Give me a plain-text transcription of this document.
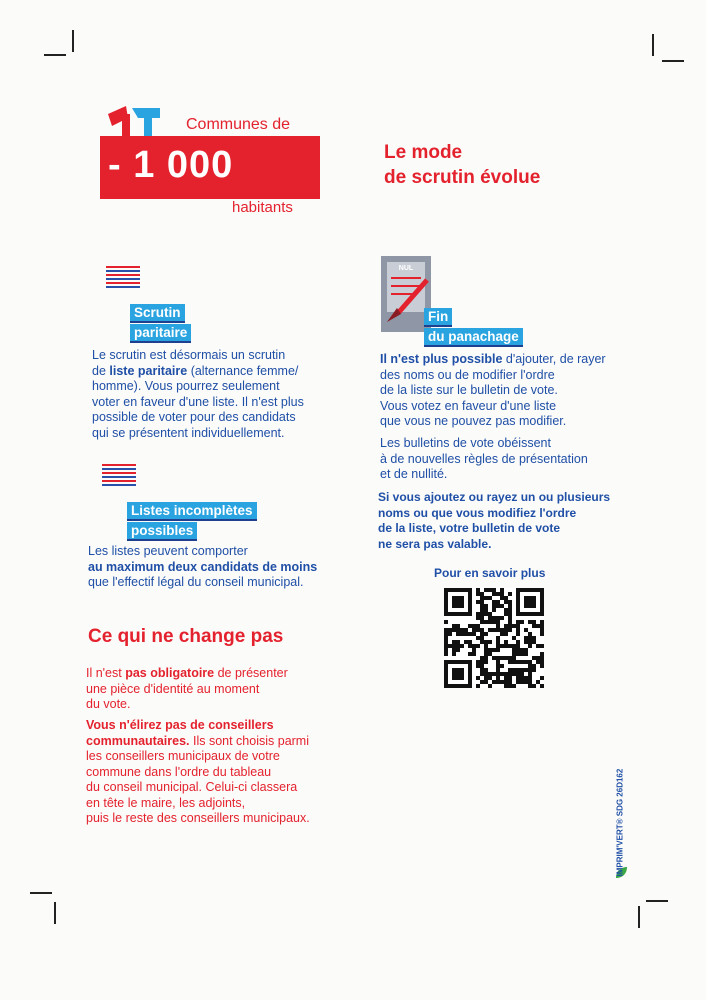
Communes de
- 1 000
habitants
Le mode
de scrutin évolue
Scrutin
paritaire
Le scrutin est désormais un scrutin
de liste paritaire (alternance femme/
homme). Vous pourrez seulement
voter en faveur d'une liste. Il n'est plus
possible de voter pour des candidats
qui se présentent individuellement.
Listes incomplètes
possibles
Les listes peuvent comporter
au maximum deux candidats de moins
que l'effectif légal du conseil municipal.
Ce qui ne change pas
Il n'est pas obligatoire de présenter
une pièce d'identité au moment
du vote.
Vous n'élirez pas de conseillers
communautaires. Ils sont choisis parmi
les conseillers municipaux de votre
commune dans l'ordre du tableau
du conseil municipal. Celui-ci classera
en tête le maire, les adjoints,
puis le reste des conseillers municipaux.
NUL
Fin
du panachage
Il n'est plus possible d'ajouter, de rayer
des noms ou de modifier l'ordre
de la liste sur le bulletin de vote.
Vous votez en faveur d'une liste
que vous ne pouvez pas modifier.
Les bulletins de vote obéissent
à de nouvelles règles de présentation
et de nullité.
Si vous ajoutez ou rayez un ou plusieurs
noms ou que vous modifiez l'ordre
de la liste, votre bulletin de vote
ne sera pas valable.
Pour en savoir plus
IMPRIM'VERT® SDG 26D162
